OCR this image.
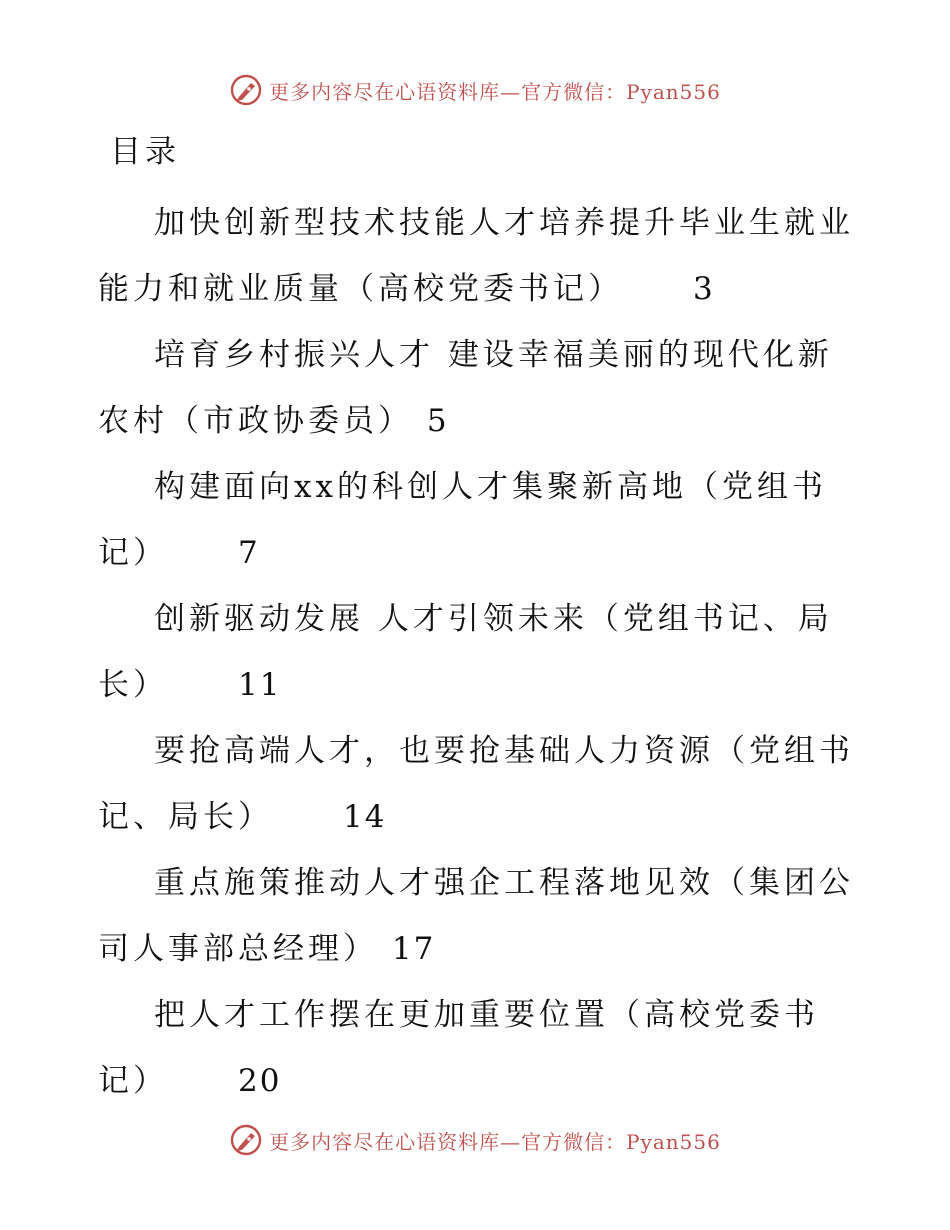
更多内容尽在心语资料库—官方微信：Pyan556
目录
加快创新型技术技能人才培养提升毕业生就业能力和就业质量（高校党委书记）   3
培育乡村振兴人才 建设幸福美丽的现代化新农村（市政协委员） 5
构建面向xx的科创人才集聚新高地（党组书记）   7
创新驱动发展 人才引领未来（党组书记、局长）   11
要抢高端人才，也要抢基础人力资源（党组书记、局长）   14
重点施策推动人才强企工程落地见效（集团公司人事部总经理） 17
把人才工作摆在更加重要位置（高校党委书记）   20
更多内容尽在心语资料库—官方微信：Pyan556
